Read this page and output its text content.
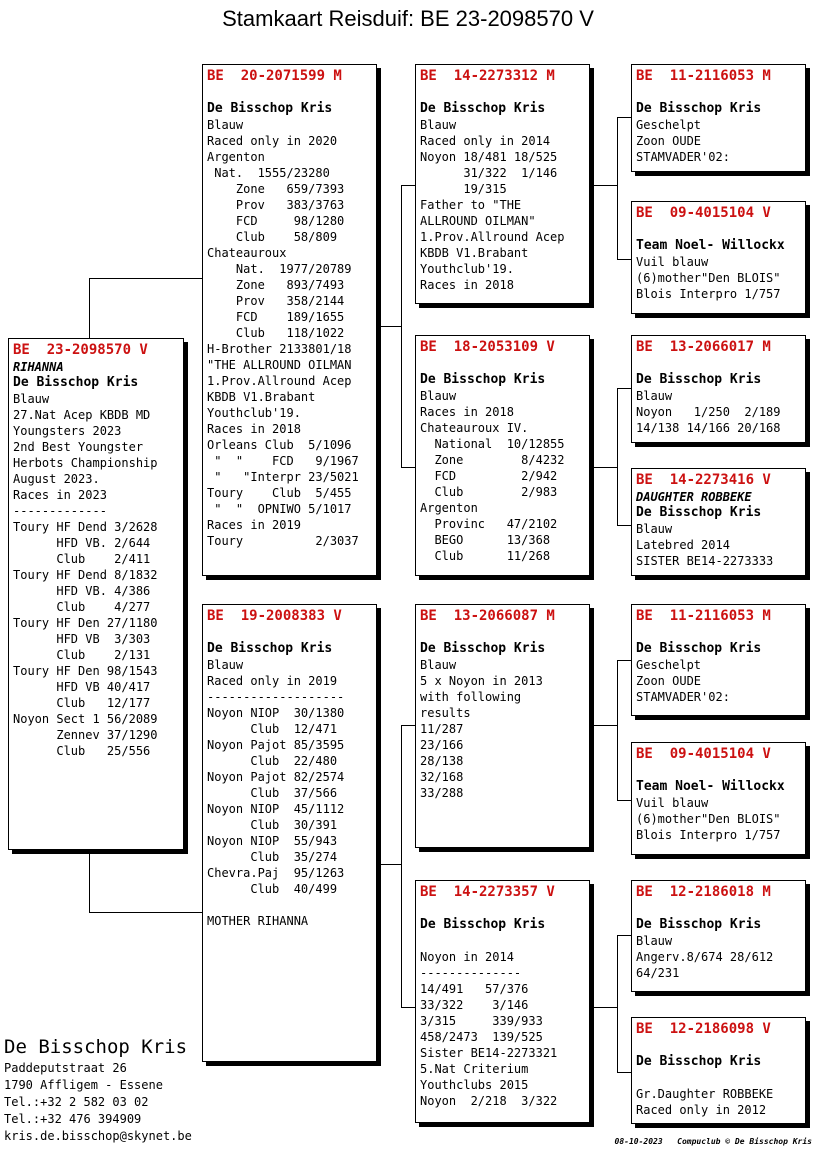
Stamkaart Reisduif: BE 23-2098570 V
BE  23-2098570 V
RIHANNA
De Bisschop Kris
Blauw
27.Nat Acep KBDB MD
Youngsters 2023
2nd Best Youngster
Herbots Championship
August 2023.
Races in 2023
-------------
Toury HF Dend 3/2628
HFD VB. 2/644
Club    2/411
Toury HF Dend 8/1832
HFD VB. 4/386
Club    4/277
Toury HF Den 27/1180
HFD VB  3/303
Club    2/131
Toury HF Den 98/1543
HFD VB 40/417
Club   12/177
Noyon Sect 1 56/2089
Zennev 37/1290
Club   25/556
BE  20-2071599 M
De Bisschop Kris
Blauw
Raced only in 2020
Argenton
Nat.  1555/23280
Zone   659/7393
Prov   383/3763
FCD     98/1280
Club    58/809
Chateauroux
Nat.  1977/20789
Zone   893/7493
Prov   358/2144
FCD    189/1655
Club   118/1022
H-Brother 2133801/18
"THE ALLROUND OILMAN
1.Prov.Allround Acep
KBDB V1.Brabant
Youthclub'19.
Races in 2018
Orleans Club  5/1096
"  "    FCD   9/1967
"   "Interpr 23/5021
Toury    Club  5/455
"  "  OPNIWO 5/1017
Races in 2019
Toury          2/3037
BE  19-2008383 V
De Bisschop Kris
Blauw
Raced only in 2019
-------------------
Noyon NIOP  30/1380
Club  12/471
Noyon Pajot 85/3595
Club  22/480
Noyon Pajot 82/2574
Club  37/566
Noyon NIOP  45/1112
Club  30/391
Noyon NIOP  55/943
Club  35/274
Chevra.Paj  95/1263
Club  40/499
MOTHER RIHANNA
BE  14-2273312 M
De Bisschop Kris
Blauw
Raced only in 2014
Noyon 18/481 18/525
31/322  1/146
19/315
Father to "THE
ALLROUND OILMAN"
1.Prov.Allround Acep
KBDB V1.Brabant
Youthclub'19.
Races in 2018
BE  18-2053109 V
De Bisschop Kris
Blauw
Races in 2018
Chateauroux IV.
National  10/12855
Zone        8/4232
FCD         2/942
Club        2/983
Argenton
Provinc   47/2102
BEGO      13/368
Club      11/268
BE  13-2066087 M
De Bisschop Kris
Blauw
5 x Noyon in 2013
with following
results
11/287
23/166
28/138
32/168
33/288
BE  14-2273357 V
De Bisschop Kris
Noyon in 2014
--------------
14/491   57/376
33/322    3/146
3/315     339/933
458/2473  139/525
Sister BE14-2273321
5.Nat Criterium
Youthclubs 2015
Noyon  2/218  3/322
BE  11-2116053 M
De Bisschop Kris
Geschelpt
Zoon OUDE
STAMVADER'02:
BE  09-4015104 V
Team Noel- Willockx
Vuil blauw
(6)mother"Den BLOIS"
Blois Interpro 1/757
BE  13-2066017 M
De Bisschop Kris
Blauw
Noyon   1/250  2/189
14/138 14/166 20/168
BE  14-2273416 V
DAUGHTER ROBBEKE
De Bisschop Kris
Blauw
Latebred 2014
SISTER BE14-2273333
BE  11-2116053 M
De Bisschop Kris
Geschelpt
Zoon OUDE
STAMVADER'02:
BE  09-4015104 V
Team Noel- Willockx
Vuil blauw
(6)mother"Den BLOIS"
Blois Interpro 1/757
BE  12-2186018 M
De Bisschop Kris
Blauw
Angerv.8/674 28/612
64/231
BE  12-2186098 V
De Bisschop Kris
Gr.Daughter ROBBEKE
Raced only in 2012
De Bisschop Kris
Paddeputstraat 26
1790 Affligem - Essene
Tel.:+32 2 582 03 02
Tel.:+32 476 394909
kris.de.bisschop@skynet.be	08-10-2023   Compuclub © De Bisschop Kris
